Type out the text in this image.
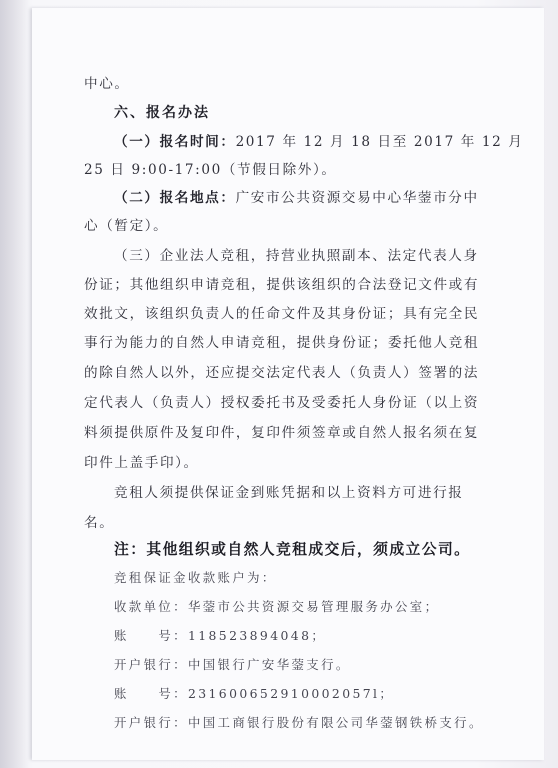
中心。
六、报名办法
（一）报名时间：2017 年 12 月 18 日至 2017 年 12 月
25 日 9:00-17:00（节假日除外）。
（二）报名地点：广安市公共资源交易中心华蓥市分中
心（暂定）。
（三）企业法人竞租，持营业执照副本、法定代表人身
份证；其他组织申请竞租，提供该组织的合法登记文件或有
效批文，该组织负责人的任命文件及其身份证；具有完全民
事行为能力的自然人申请竞租，提供身份证；委托他人竞租
的除自然人以外，还应提交法定代表人（负责人）签署的法
定代表人（负责人）授权委托书及受委托人身份证（以上资
料须提供原件及复印件，复印件须签章或自然人报名须在复
印件上盖手印）。
竞租人须提供保证金到账凭据和以上资料方可进行报
名。
注：其他组织或自然人竞租成交后，须成立公司。
竞租保证金收款账户为：
收款单位：华蓥市公共资源交易管理服务办公室；
账　　号：118523894048；
开户银行：中国银行广安华蓥支行。
账　　号：231600652910002057l；
开户银行：中国工商银行股份有限公司华蓥钢铁桥支行。
